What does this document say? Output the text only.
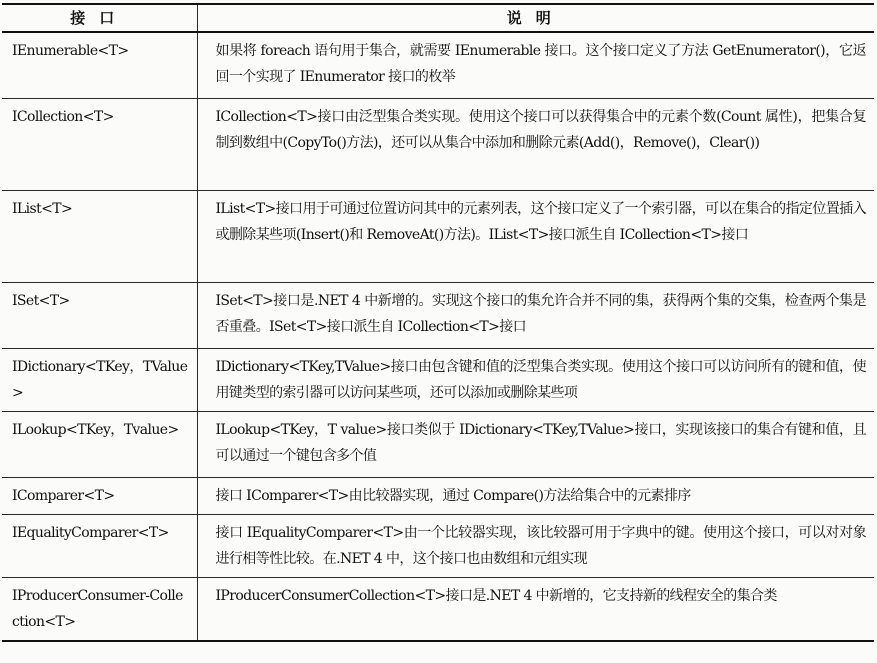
接口	说明
IEnumerable<T>	如果将 foreach 语句用于集合，就需要 IEnumerable 接口。这个接口定义了方法 GetEnumerator()，它返回一个实现了 IEnumerator 接口的枚举
ICollection<T>	ICollection<T>接口由泛型集合类实现。使用这个接口可以获得集合中的元素个数(Count 属性)，把集合复制到数组中(CopyTo()方法)，还可以从集合中添加和删除元素(Add()，Remove()，Clear())
IList<T>	IList<T>接口用于可通过位置访问其中的元素列表，这个接口定义了一个索引器，可以在集合的指定位置插入或删除某些项(Insert()和 RemoveAt()方法)。IList<T>接口派生自 ICollection<T>接口
ISet<T>	ISet<T>接口是.NET 4 中新增的。实现这个接口的集允许合并不同的集，获得两个集的交集，检查两个集是否重叠。ISet<T>接口派生自 ICollection<T>接口
IDictionary<TKey，TValue>	IDictionary<TKey,TValue>接口由包含键和值的泛型集合类实现。使用这个接口可以访问所有的键和值，使用键类型的索引器可以访问某些项，还可以添加或删除某些项
ILookup<TKey，Tvalue>	ILookup<TKey，T value>接口类似于 IDictionary<TKey,TValue>接口，实现该接口的集合有键和值，且可以通过一个键包含多个值
IComparer<T>	接口 IComparer<T>由比较器实现，通过 Compare()方法给集合中的元素排序
IEqualityComparer<T>	接口 IEqualityComparer<T>由一个比较器实现，该比较器可用于字典中的键。使用这个接口，可以对对象进行相等性比较。在.NET 4 中，这个接口也由数组和元组实现
IProducerConsumer-Collection<T>	IProducerConsumerCollection<T>接口是.NET 4 中新增的，它支持新的线程安全的集合类
